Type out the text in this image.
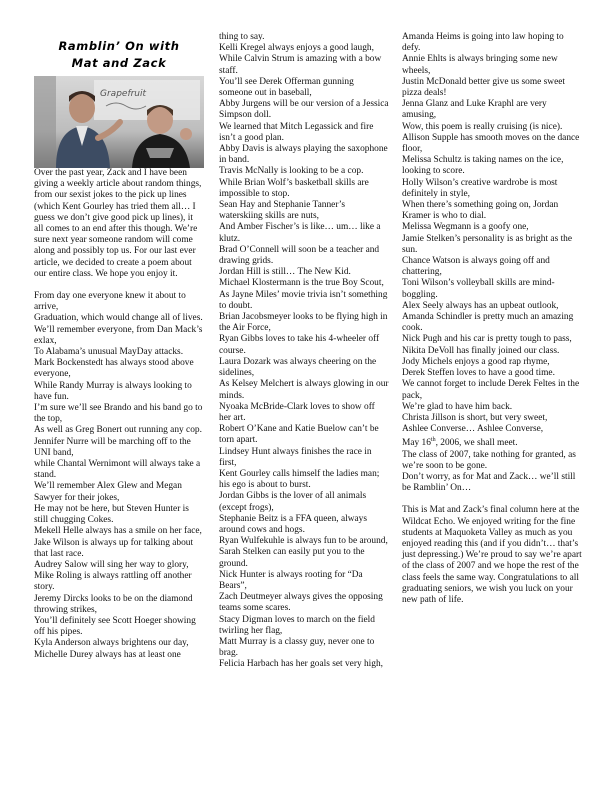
Ramblin’ On with
Mat and Zack
Grapefruit

Over the past year, Zack and I have been giving a weekly article about random things, from our sexist jokes to the pick up lines (which Kent Gourley has tried them all… I guess we don’t give good pick up lines), it all comes to an end after this though. We’re sure next year someone random will come along and possibly top us. For our last ever article, we decided to create a poem about our entire class. We hope you enjoy it.

From day one everyone knew it about to arrive,
Graduation, which would change all of lives.
We’ll remember everyone, from Dan Mack’s exlax,
To Alabama’s unusual MayDay attacks.
Mark Bockenstedt has always stood above everyone,
While Randy Murray is always looking to have fun.
I’m sure we’ll see Brando and his band go to the top,
As well as Greg Bonert out running any cop.
Jennifer Nurre will be marching off to the UNI band,
while Chantal Wernimont will always take a stand.
We’ll remember Alex Glew and Megan Sawyer for their jokes,
He may not be here, but Steven Hunter is still chugging Cokes.
Mekell Helle always has a smile on her face,
Jake Wilson is always up for talking about that last race.
Audrey Salow will sing her way to glory,
Mike Roling is always rattling off another story.
Jeremy Dircks looks to be on the diamond throwing strikes,
You’ll definitely see Scott Hoeger showing off his pipes.
Kyla Anderson always brightens our day,
Michelle Durey always has at least one
thing to say.
Kelli Kregel always enjoys a good laugh,
While Calvin Strum is amazing with a bow staff.
You’ll see Derek Offerman gunning someone out in baseball,
Abby Jurgens will be our version of a Jessica Simpson doll.
We learned that Mitch Legassick and fire isn’t a good plan.
Abby Davis is always playing the saxophone in band.
Travis McNally is looking to be a cop.
While Brian Wolf’s basketball skills are impossible to stop.
Sean Hay and Stephanie Tanner’s waterskiing skills are nuts,
And Amber Fischer’s is like… um… like a klutz.
Brad O’Connell will soon be a teacher and drawing grids.
Jordan Hill is still… The New Kid.
Michael Klostermann is the true Boy Scout,
As Jayne Miles’ movie trivia isn’t something to doubt.
Brian Jacobsmeyer looks to be flying high in the Air Force,
Ryan Gibbs loves to take his 4-wheeler off course.
Laura Dozark was always cheering on the sidelines,
As Kelsey Melchert is always glowing in our minds.
Nyoaka McBride-Clark loves to show off her art.
Robert O’Kane and Katie Buelow can’t be torn apart.
Lindsey Hunt always finishes the race in first,
Kent Gourley calls himself the ladies man; his ego is about to burst.
Jordan Gibbs is the lover of all animals (except frogs),
Stephanie Beitz is a FFA queen, always around cows and hogs.
Ryan Wulfekuhle is always fun to be around,
Sarah Stelken can easily put you to the ground.
Nick Hunter is always rooting for “Da Bears”,
Zach Deutmeyer always gives the opposing teams some scares.
Stacy Digman loves to march on the field twirling her flag,
Matt Murray is a classy guy, never one to brag.
Felicia Harbach has her goals set very high,
Amanda Heims is going into law hoping to defy.
Annie Ehlts is always bringing some new wheels,
Justin McDonald better give us some sweet pizza deals!
Jenna Glanz and Luke Kraphl are very amusing,
Wow, this poem is really cruising (is nice).
Allison Supple has smooth moves on the dance floor,
Melissa Schultz is taking names on the ice, looking to score.
Holly Wilson’s creative wardrobe is most definitely in style,
When there’s something going on, Jordan Kramer is who to dial.
Melissa Wegmann is a goofy one,
Jamie Stelken’s personality is as bright as the sun.
Chance Watson is always going off and chattering,
Toni Wilson’s volleyball skills are mind-boggling.
Alex Seely always has an upbeat outlook,
Amanda Schindler is pretty much an amazing cook.
Nick Pugh and his car is pretty tough to pass,
Nikita DeVoll has finally joined our class.
Jody Michels enjoys a good rap rhyme,
Derek Steffen loves to have a good time.
We cannot forget to include Derek Feltes in the pack,
We’re glad to have him back.
Christa Jillson is short, but very sweet,
Ashlee Converse… Ashlee Converse,
May 16th, 2006, we shall meet.
The class of 2007, take nothing for granted, as we’re soon to be gone.
Don’t worry, as for Mat and Zack… we’ll still be Ramblin’ On…

This is Mat and Zack’s final column here at the Wildcat Echo. We enjoyed writing for the fine students at Maquoketa Valley as much as you enjoyed reading this (and if you didn’t… that’s just depressing.) We’re proud to say we’re apart of the class of 2007 and we hope the rest of the class feels the same way. Congratulations to all graduating seniors, we wish you luck on your new path of life.
